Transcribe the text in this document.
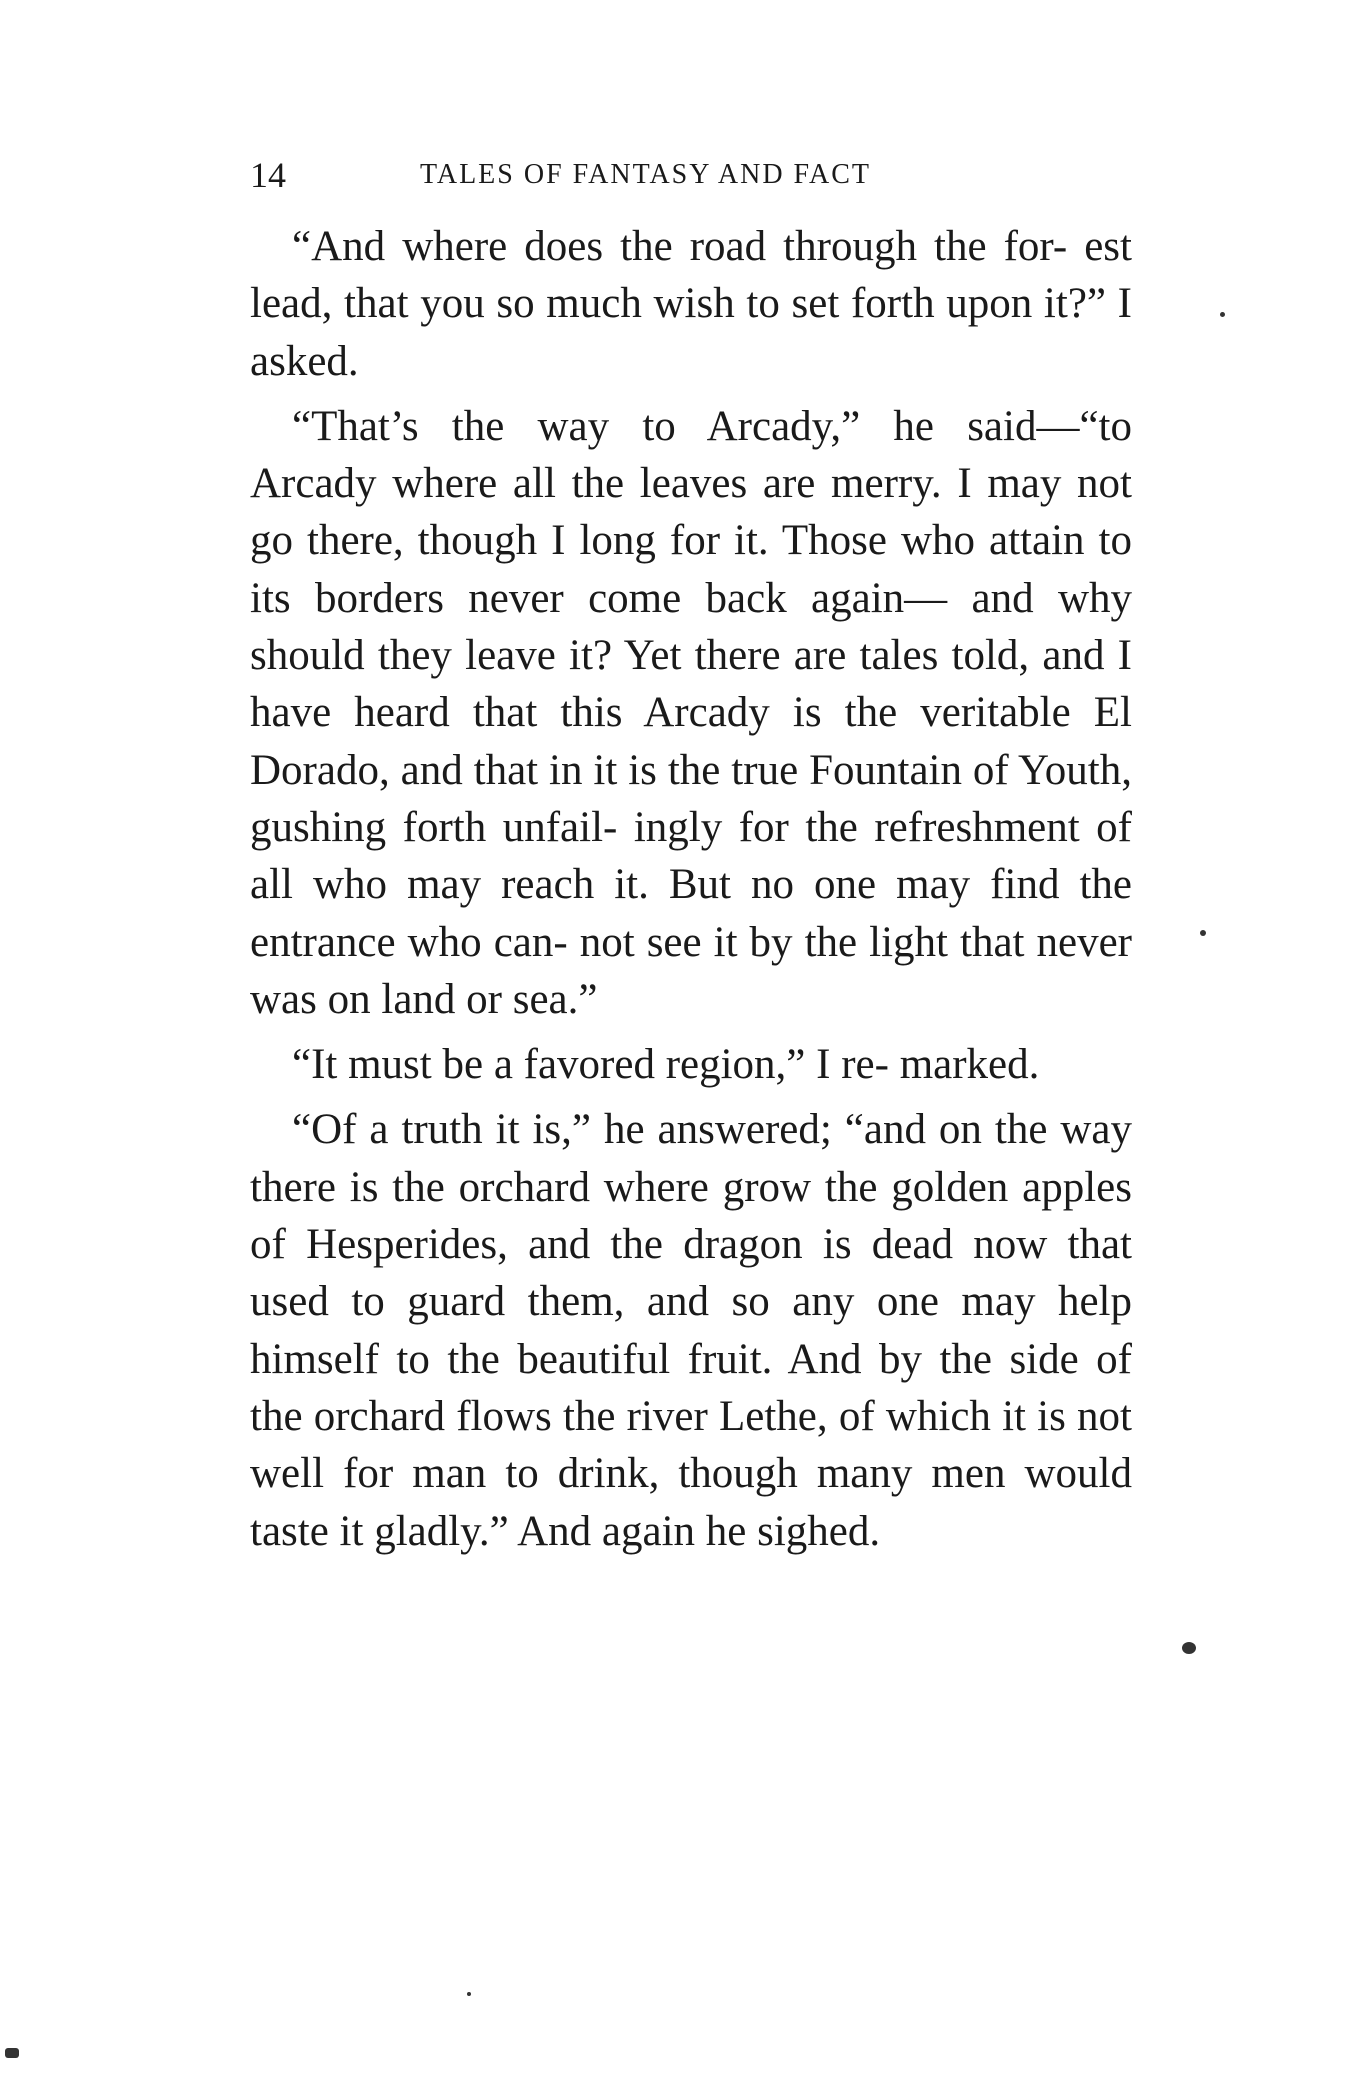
14	TALES OF FANTASY AND FACT

“And where does the road through the for- est lead, that you so much wish to set forth upon it?” I asked.

“That’s the way to Arcady,” he said—“to Arcady where all the leaves are merry. I may not go there, though I long for it. Those who attain to its borders never come back again— and why should they leave it? Yet there are tales told, and I have heard that this Arcady is the veritable El Dorado, and that in it is the true Fountain of Youth, gushing forth unfail- ingly for the refreshment of all who may reach it. But no one may find the entrance who can- not see it by the light that never was on land or sea.”

“It must be a favored region,” I re- marked.

“Of a truth it is,” he answered; “and on the way there is the orchard where grow the golden apples of Hesperides, and the dragon is dead now that used to guard them, and so any one may help himself to the beautiful fruit. And by the side of the orchard flows the river Lethe, of which it is not well for man to drink, though many men would taste it gladly.” And again he sighed.
